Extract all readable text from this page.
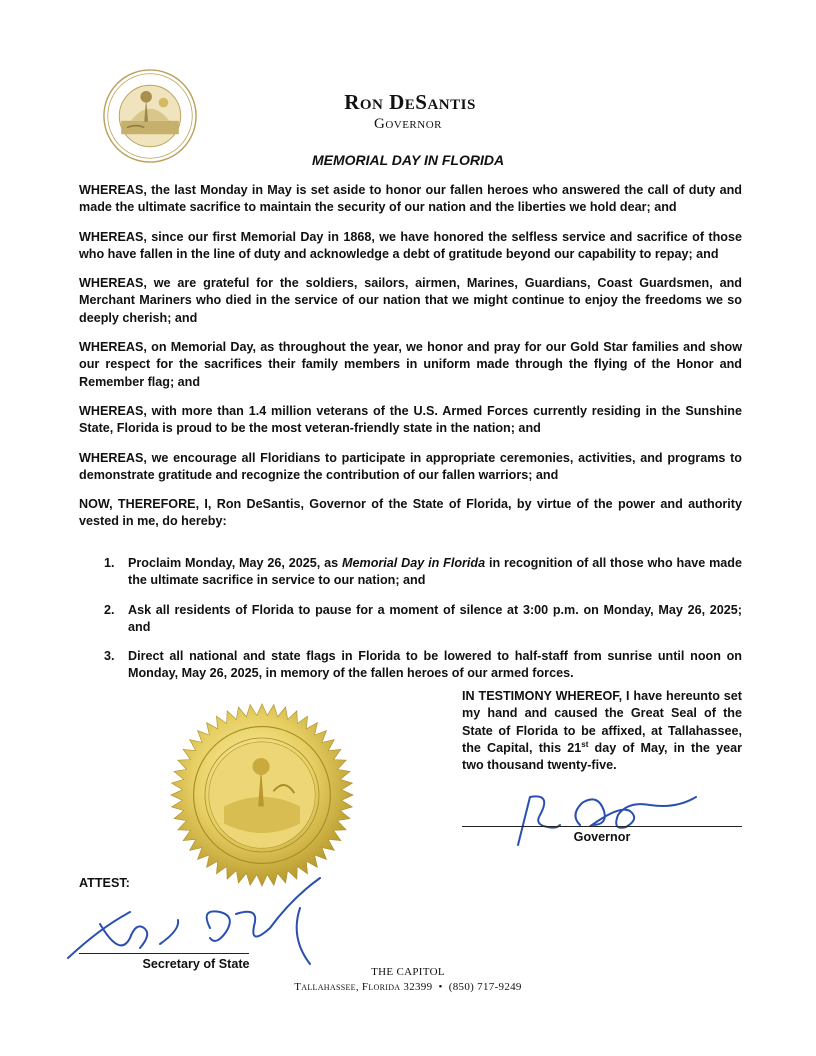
Ron DeSantis
Governor
MEMORIAL DAY IN FLORIDA

WHEREAS, the last Monday in May is set aside to honor our fallen heroes who answered the call of duty and made the ultimate sacrifice to maintain the security of our nation and the liberties we hold dear; and

WHEREAS, since our first Memorial Day in 1868, we have honored the selfless service and sacrifice of those who have fallen in the line of duty and acknowledge a debt of gratitude beyond our capability to repay; and

WHEREAS, we are grateful for the soldiers, sailors, airmen, Marines, Guardians, Coast Guardsmen, and Merchant Mariners who died in the service of our nation that we might continue to enjoy the freedoms we so deeply cherish; and

WHEREAS, on Memorial Day, as throughout the year, we honor and pray for our Gold Star families and show our respect for the sacrifices their family members in uniform made through the flying of the Honor and Remember flag; and

WHEREAS, with more than 1.4 million veterans of the U.S. Armed Forces currently residing in the Sunshine State, Florida is proud to be the most veteran-friendly state in the nation; and

WHEREAS, we encourage all Floridians to participate in appropriate ceremonies, activities, and programs to demonstrate gratitude and recognize the contribution of our fallen warriors; and

NOW, THEREFORE, I, Ron DeSantis, Governor of the State of Florida, by virtue of the power and authority vested in me, do hereby:

1.	Proclaim Monday, May 26, 2025, as Memorial Day in Florida in recognition of all those who have made the ultimate sacrifice in service to our nation; and
2.	Ask all residents of Florida to pause for a moment of silence at 3:00 p.m. on Monday, May 26, 2025; and
3.	Direct all national and state flags in Florida to be lowered to half-staff from sunrise until noon on Monday, May 26, 2025, in memory of the fallen heroes of our armed forces.
IN TESTIMONY WHEREOF, I have hereunto set my hand and caused the Great Seal of the State of Florida to be affixed, at Tallahassee, the Capital, this 21st day of May, in the year two thousand twenty-five.
Governor
ATTEST:
Secretary of State
THE CAPITOL
Tallahassee, Florida 32399 • (850) 717-9249
